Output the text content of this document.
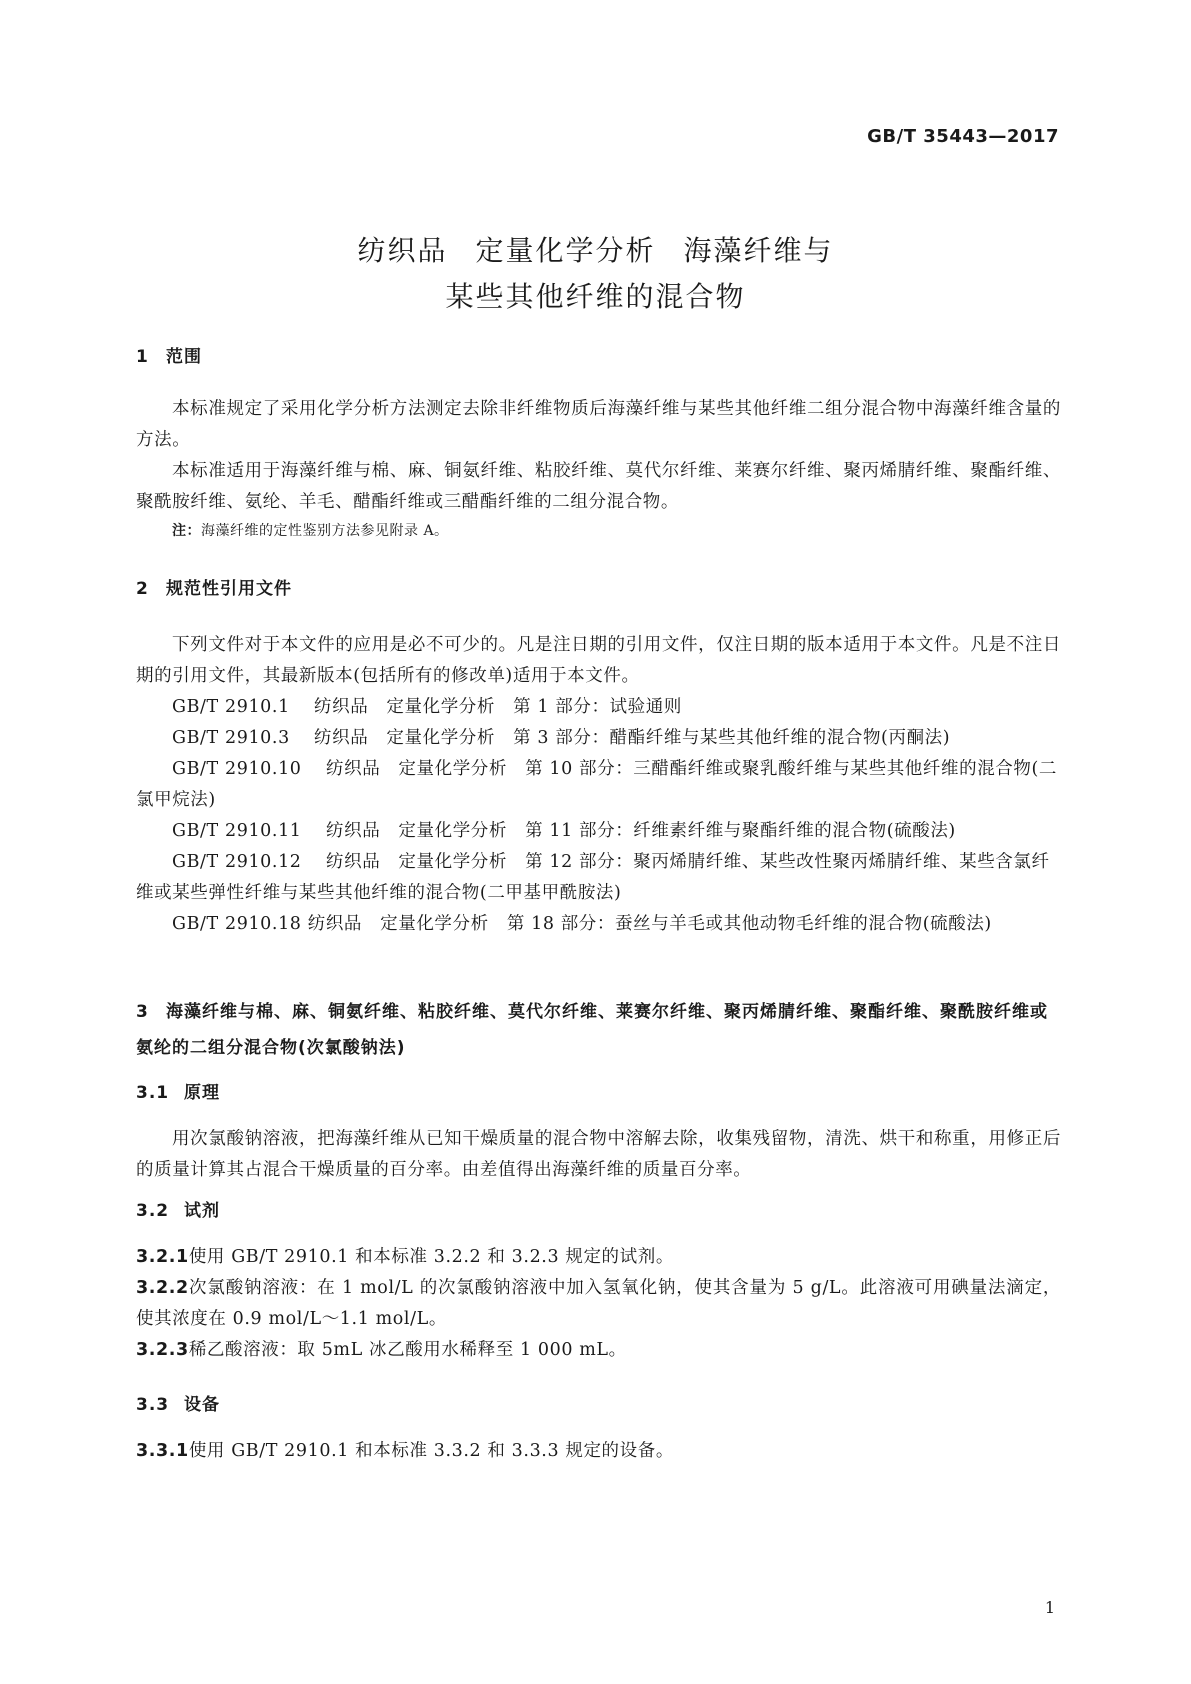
GB/T 35443—2017
纺织品 定量化学分析 海藻纤维与
某些其他纤维的混合物
1 范围
本标准规定了采用化学分析方法测定去除非纤维物质后海藻纤维与某些其他纤维二组分混合物中海藻纤维含量的方法。
本标准适用于海藻纤维与棉、麻、铜氨纤维、粘胶纤维、莫代尔纤维、莱赛尔纤维、聚丙烯腈纤维、聚酯纤维、聚酰胺纤维、氨纶、羊毛、醋酯纤维或三醋酯纤维的二组分混合物。
注：海藻纤维的定性鉴别方法参见附录 A。
2 规范性引用文件
下列文件对于本文件的应用是必不可少的。凡是注日期的引用文件，仅注日期的版本适用于本文件。凡是不注日期的引用文件，其最新版本(包括所有的修改单)适用于本文件。
GB/T 2910.1 纺织品　定量化学分析　第 1 部分：试验通则
GB/T 2910.3 纺织品　定量化学分析　第 3 部分：醋酯纤维与某些其他纤维的混合物(丙酮法)
GB/T 2910.10 纺织品　定量化学分析　第 10 部分：三醋酯纤维或聚乳酸纤维与某些其他纤维的混合物(二氯甲烷法)
GB/T 2910.11 纺织品　定量化学分析　第 11 部分：纤维素纤维与聚酯纤维的混合物(硫酸法)
GB/T 2910.12 纺织品　定量化学分析　第 12 部分：聚丙烯腈纤维、某些改性聚丙烯腈纤维、某些含氯纤维或某些弹性纤维与某些其他纤维的混合物(二甲基甲酰胺法)
GB/T 2910.18 纺织品　定量化学分析　第 18 部分：蚕丝与羊毛或其他动物毛纤维的混合物(硫酸法)
3 海藻纤维与棉、麻、铜氨纤维、粘胶纤维、莫代尔纤维、莱赛尔纤维、聚丙烯腈纤维、聚酯纤维、聚酰胺纤维或氨纶的二组分混合物(次氯酸钠法)
3.1 原理
用次氯酸钠溶液，把海藻纤维从已知干燥质量的混合物中溶解去除，收集残留物，清洗、烘干和称重，用修正后的质量计算其占混合干燥质量的百分率。由差值得出海藻纤维的质量百分率。
3.2 试剂
3.2.1使用 GB/T 2910.1 和本标准 3.2.2 和 3.2.3 规定的试剂。
3.2.2次氯酸钠溶液：在 1 mol/L 的次氯酸钠溶液中加入氢氧化钠，使其含量为 5 g/L。此溶液可用碘量法滴定，使其浓度在 0.9 mol/L～1.1 mol/L。
3.2.3稀乙酸溶液：取 5mL 冰乙酸用水稀释至 1 000 mL。
3.3 设备
3.3.1使用 GB/T 2910.1 和本标准 3.3.2 和 3.3.3 规定的设备。
1
